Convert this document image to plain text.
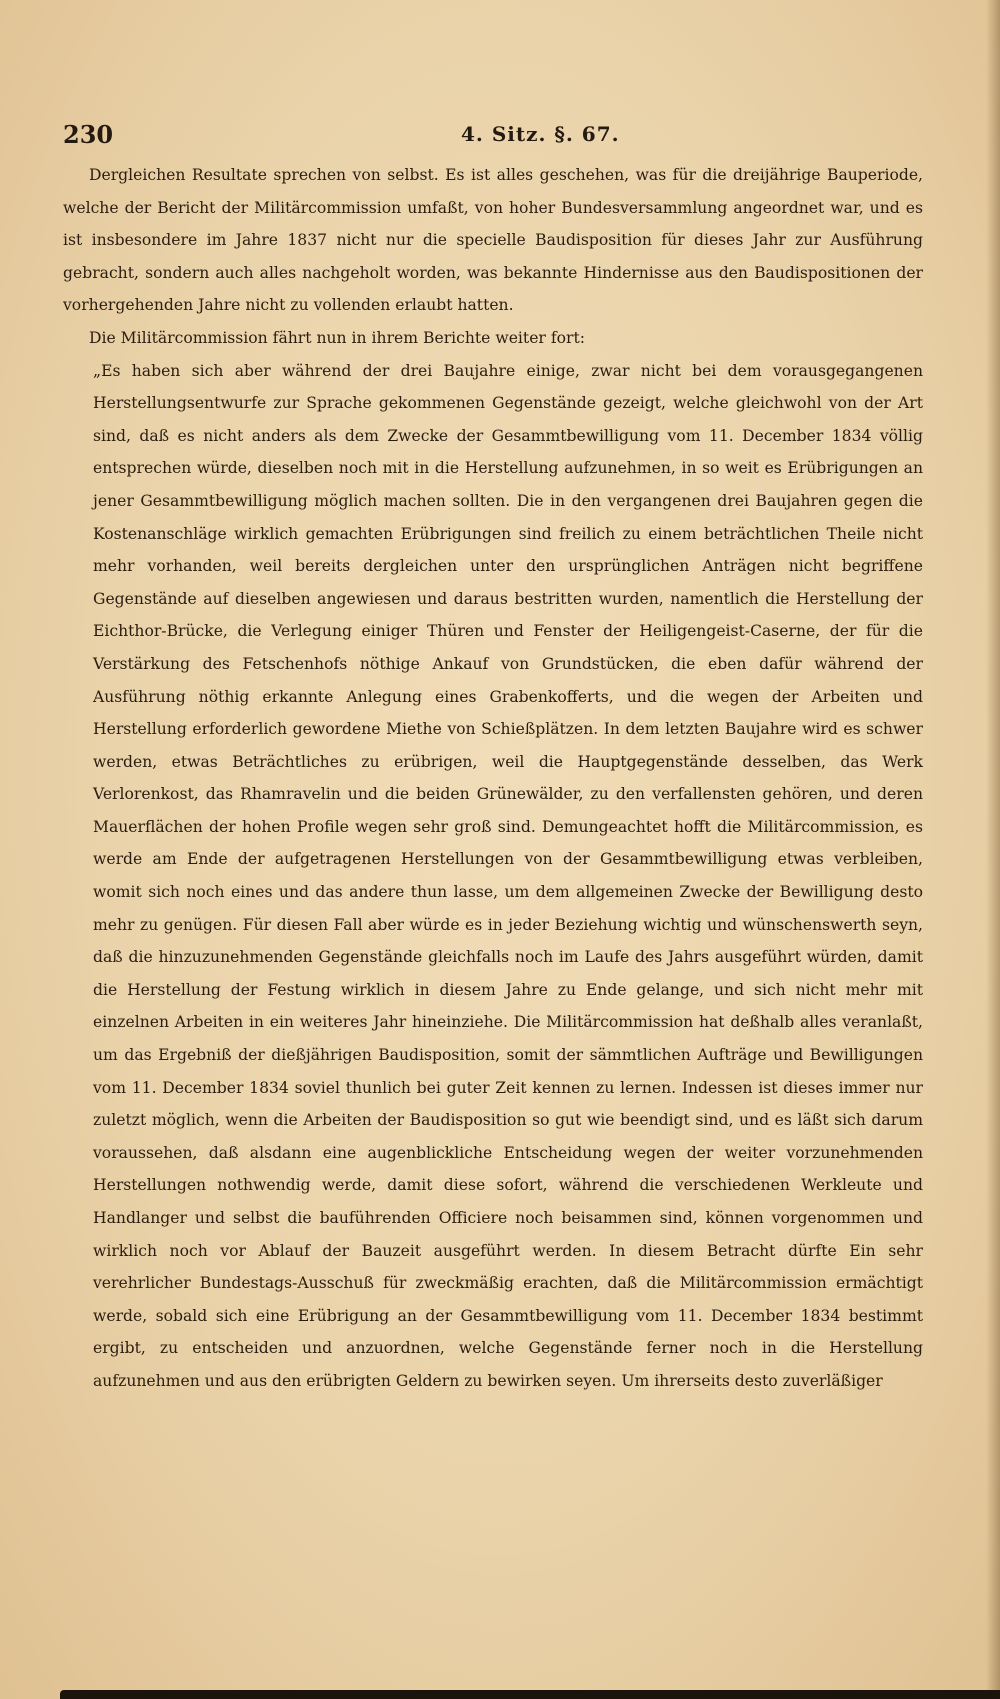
230	4. Sitz. §. 67.

Dergleichen Resultate sprechen von selbst. Es ist alles geschehen, was für die dreijährige Bauperiode, welche der Bericht der Militärcommission umfaßt, von hoher Bundesversammlung angeordnet war, und es ist insbesondere im Jahre 1837 nicht nur die specielle Baudisposition für dieses Jahr zur Ausführung gebracht, sondern auch alles nachgeholt worden, was bekannte Hindernisse aus den Baudispositionen der vorhergehenden Jahre nicht zu vollenden erlaubt hatten.

Die Militärcommission fährt nun in ihrem Berichte weiter fort:

„Es haben sich aber während der drei Baujahre einige, zwar nicht bei dem vorausgegangenen Herstellungsentwurfe zur Sprache gekommenen Gegenstände gezeigt, welche gleichwohl von der Art sind, daß es nicht anders als dem Zwecke der Gesammtbewilligung vom 11. December 1834 völlig entsprechen würde, dieselben noch mit in die Herstellung aufzunehmen, in so weit es Erübrigungen an jener Gesammtbewilligung möglich machen sollten. Die in den vergangenen drei Baujahren gegen die Kostenanschläge wirklich gemachten Erübrigungen sind freilich zu einem beträchtlichen Theile nicht mehr vorhanden, weil bereits dergleichen unter den ursprünglichen Anträgen nicht begriffene Gegenstände auf dieselben angewiesen und daraus bestritten wurden, namentlich die Herstellung der Eichthor-Brücke, die Verlegung einiger Thüren und Fenster der Heiligengeist-Caserne, der für die Verstärkung des Fetschenhofs nöthige Ankauf von Grundstücken, die eben dafür während der Ausführung nöthig erkannte Anlegung eines Grabenkofferts, und die wegen der Arbeiten und Herstellung erforderlich gewordene Miethe von Schießplätzen. In dem letzten Baujahre wird es schwer werden, etwas Beträchtliches zu erübrigen, weil die Hauptgegenstände desselben, das Werk Verlorenkost, das Rhamravelin und die beiden Grünewälder, zu den verfallensten gehören, und deren Mauerflächen der hohen Profile wegen sehr groß sind. Demungeachtet hofft die Militärcommission, es werde am Ende der aufgetragenen Herstellungen von der Gesammtbewilligung etwas verbleiben, womit sich noch eines und das andere thun lasse, um dem allgemeinen Zwecke der Bewilligung desto mehr zu genügen. Für diesen Fall aber würde es in jeder Beziehung wichtig und wünschenswerth seyn, daß die hinzuzunehmenden Gegenstände gleichfalls noch im Laufe des Jahrs ausgeführt würden, damit die Herstellung der Festung wirklich in diesem Jahre zu Ende gelange, und sich nicht mehr mit einzelnen Arbeiten in ein weiteres Jahr hineinziehe. Die Militärcommission hat deßhalb alles veranlaßt, um das Ergebniß der dießjährigen Baudisposition, somit der sämmtlichen Aufträge und Bewilligungen vom 11. December 1834 soviel thunlich bei guter Zeit kennen zu lernen. Indessen ist dieses immer nur zuletzt möglich, wenn die Arbeiten der Baudisposition so gut wie beendigt sind, und es läßt sich darum voraussehen, daß alsdann eine augenblickliche Entscheidung wegen der weiter vorzunehmenden Herstellungen nothwendig werde, damit diese sofort, während die verschiedenen Werkleute und Handlanger und selbst die bauführenden Officiere noch beisammen sind, können vorgenommen und wirklich noch vor Ablauf der Bauzeit ausgeführt werden. In diesem Betracht dürfte Ein sehr verehrlicher Bundestags-Ausschuß für zweckmäßig erachten, daß die Militärcommission ermächtigt werde, sobald sich eine Erübrigung an der Gesammtbewilligung vom 11. December 1834 bestimmt ergibt, zu entscheiden und anzuordnen, welche Gegenstände ferner noch in die Herstellung aufzunehmen und aus den erübrigten Geldern zu bewirken seyen. Um ihrerseits desto zuverläßiger
